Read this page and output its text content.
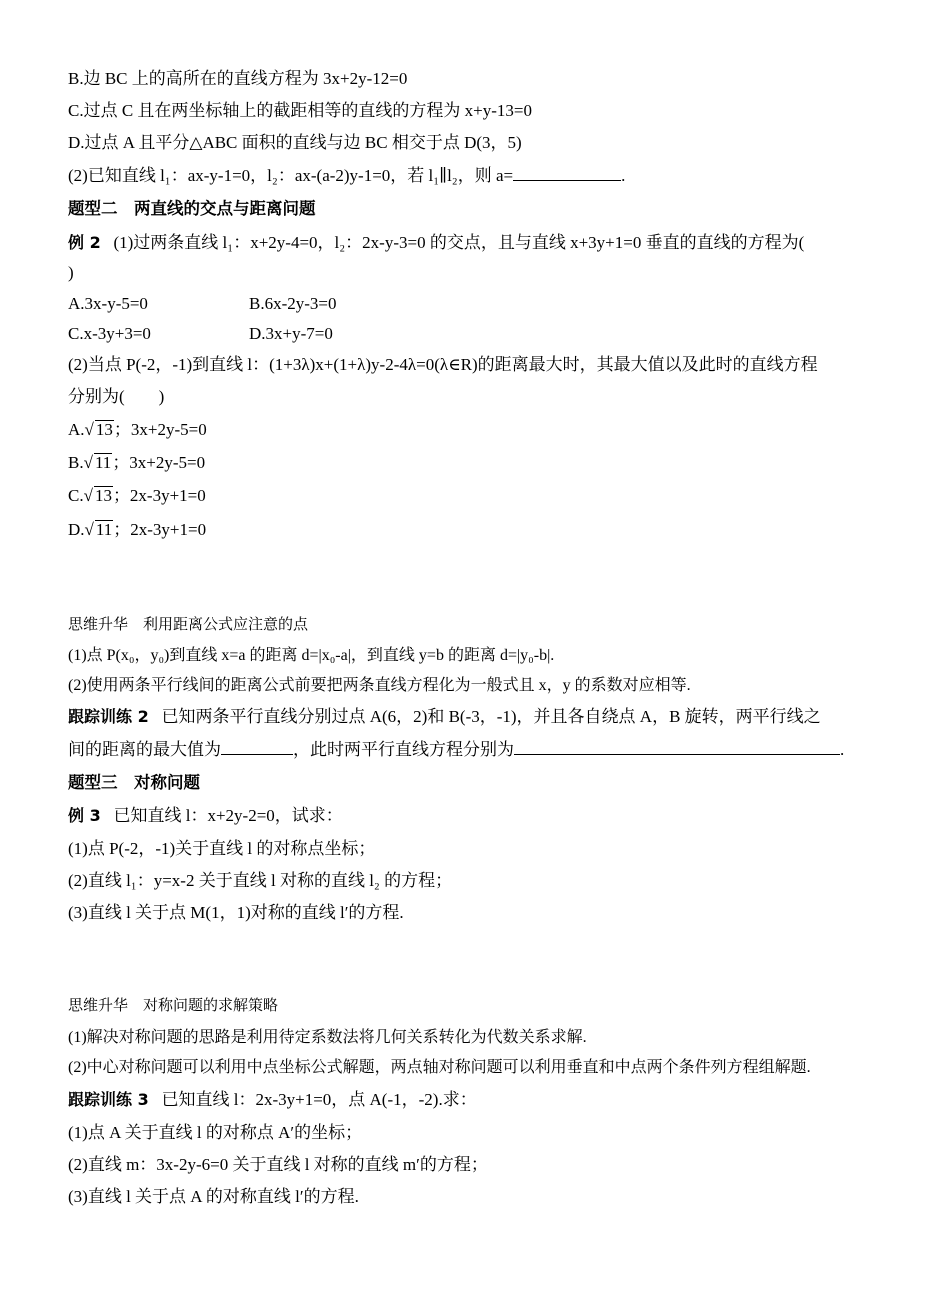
B.边 BC 上的高所在的直线方程为 3x+2y-12=0
C.过点 C 且在两坐标轴上的截距相等的直线的方程为 x+y-13=0
D.过点 A 且平分△ABC 面积的直线与边 BC 相交于点 D(3，5)
(2)已知直线 l₁：ax-y-1=0，l₂：ax-(a-2)y-1=0，若 l₁∥l₂，则 a=	.
题型二　两直线的交点与距离问题
例 2 (1)过两条直线 l₁：x+2y-4=0，l₂：2x-y-3=0 的交点，且与直线 x+3y+1=0 垂直的直线的方程为(
)
A.3x-y-5=0	B.6x-2y-3=0
C.x-3y+3=0	D.3x+y-7=0
(2)当点 P(-2，-1)到直线 l：(1+3λ)x+(1+λ)y-2-4λ=0(λ∈R)的距离最大时，其最大值以及此时的直线方程
分别为(　　)
A.√ 13；3x+2y-5=0
B.√ 11；3x+2y-5=0
C.√ 13；2x-3y+1=0
D.√ 11；2x-3y+1=0
思维升华　利用距离公式应注意的点
(1)点 P(x₀，y₀)到直线 x=a 的距离 d=|x₀-a|，到直线 y=b 的距离 d=|y₀-b|.
(2)使用两条平行线间的距离公式前要把两条直线方程化为一般式且 x，y 的系数对应相等.
跟踪训练 2 已知两条平行直线分别过点 A(6，2)和 B(-3，-1)，并且各自绕点 A，B 旋转，两平行线之
间的距离的最大值为	，此时两平行直线方程分别为	.
题型三　对称问题
例 3 已知直线 l：x+2y-2=0，试求：
(1)点 P(-2，-1)关于直线 l 的对称点坐标；
(2)直线 l₁：y=x-2 关于直线 l 对称的直线 l₂ 的方程；
(3)直线 l 关于点 M(1，1)对称的直线 l′的方程.
思维升华　对称问题的求解策略
(1)解决对称问题的思路是利用待定系数法将几何关系转化为代数关系求解.
(2)中心对称问题可以利用中点坐标公式解题，两点轴对称问题可以利用垂直和中点两个条件列方程组解题.
跟踪训练 3 已知直线 l：2x-3y+1=0，点 A(-1，-2).求：
(1)点 A 关于直线 l 的对称点 A′的坐标；
(2)直线 m：3x-2y-6=0 关于直线 l 对称的直线 m′的方程；
(3)直线 l 关于点 A 的对称直线 l′的方程.
